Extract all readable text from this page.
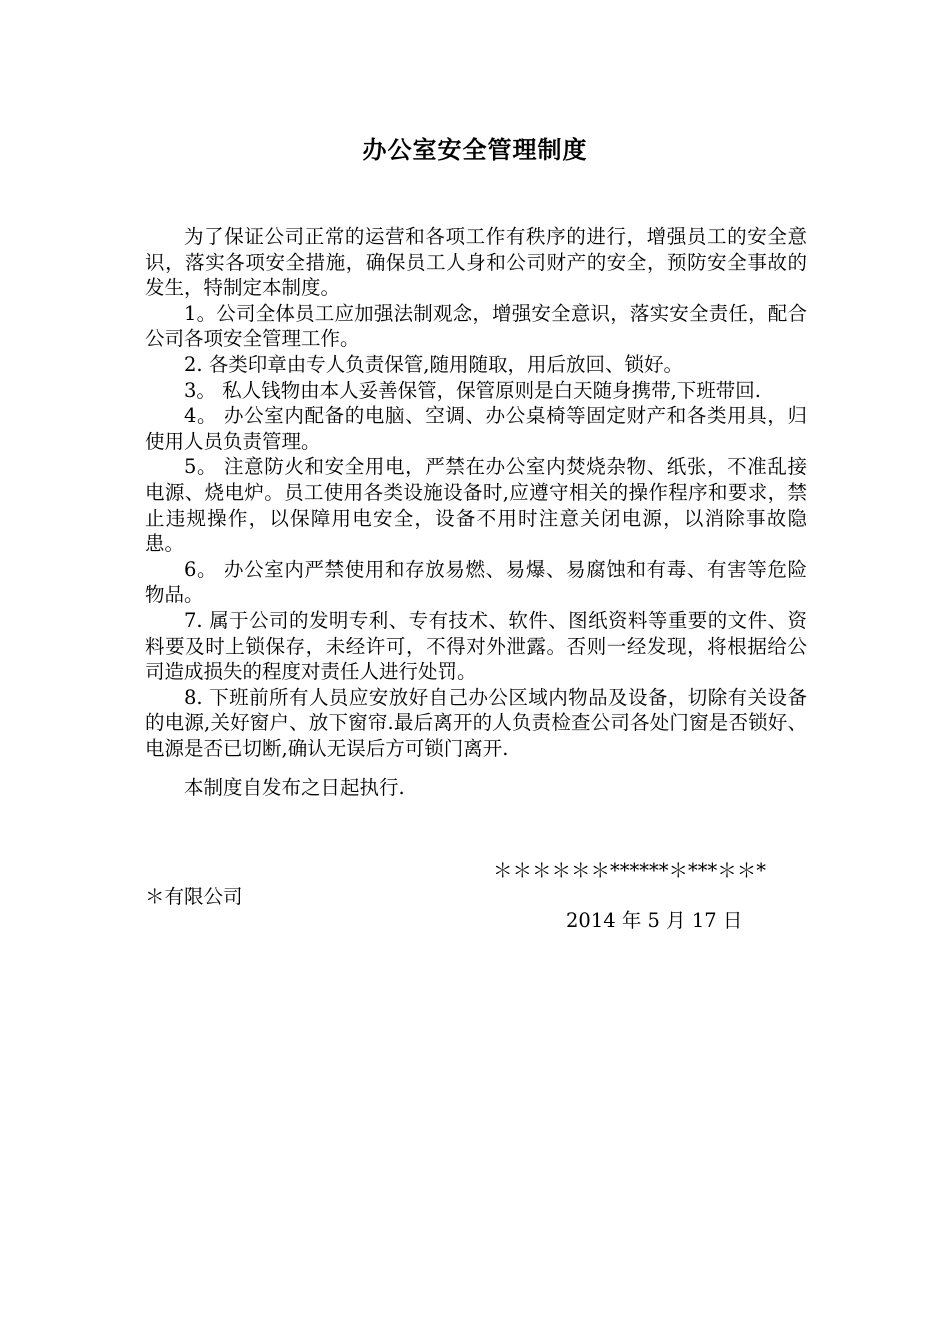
办公室安全管理制度

为了保证公司正常的运营和各项工作有秩序的进行，增强员工的安全意识，落实各项安全措施，确保员工人身和公司财产的安全，预防安全事故的发生，特制定本制度。

1。公司全体员工应加强法制观念，增强安全意识，落实安全责任，配合公司各项安全管理工作。

2. 各类印章由专人负责保管,随用随取，用后放回、锁好。

3。 私人钱物由本人妥善保管，保管原则是白天随身携带,下班带回.

4。 办公室内配备的电脑、空调、办公桌椅等固定财产和各类用具，归使用人员负责管理。

5。 注意防火和安全用电，严禁在办公室内焚烧杂物、纸张，不准乱接电源、烧电炉。员工使用各类设施设备时,应遵守相关的操作程序和要求，禁止违规操作，以保障用电安全，设备不用时注意关闭电源，以消除事故隐患。

6。 办公室内严禁使用和存放易燃、易爆、易腐蚀和有毒、有害等危险物品。

7. 属于公司的发明专利、专有技术、软件、图纸资料等重要的文件、资料要及时上锁保存，未经许可，不得对外泄露。否则一经发现，将根据给公司造成损失的程度对责任人进行处罚。

8. 下班前所有人员应安放好自己办公区域内物品及设备，切除有关设备的电源,关好窗户、放下窗帘.最后离开的人负责检查公司各处门窗是否锁好、电源是否已切断,确认无误后方可锁门离开.

本制度自发布之日起执行.

＊＊＊＊＊＊******＊***＊＊*
＊有限公司
2014 年 5 月 17 日
